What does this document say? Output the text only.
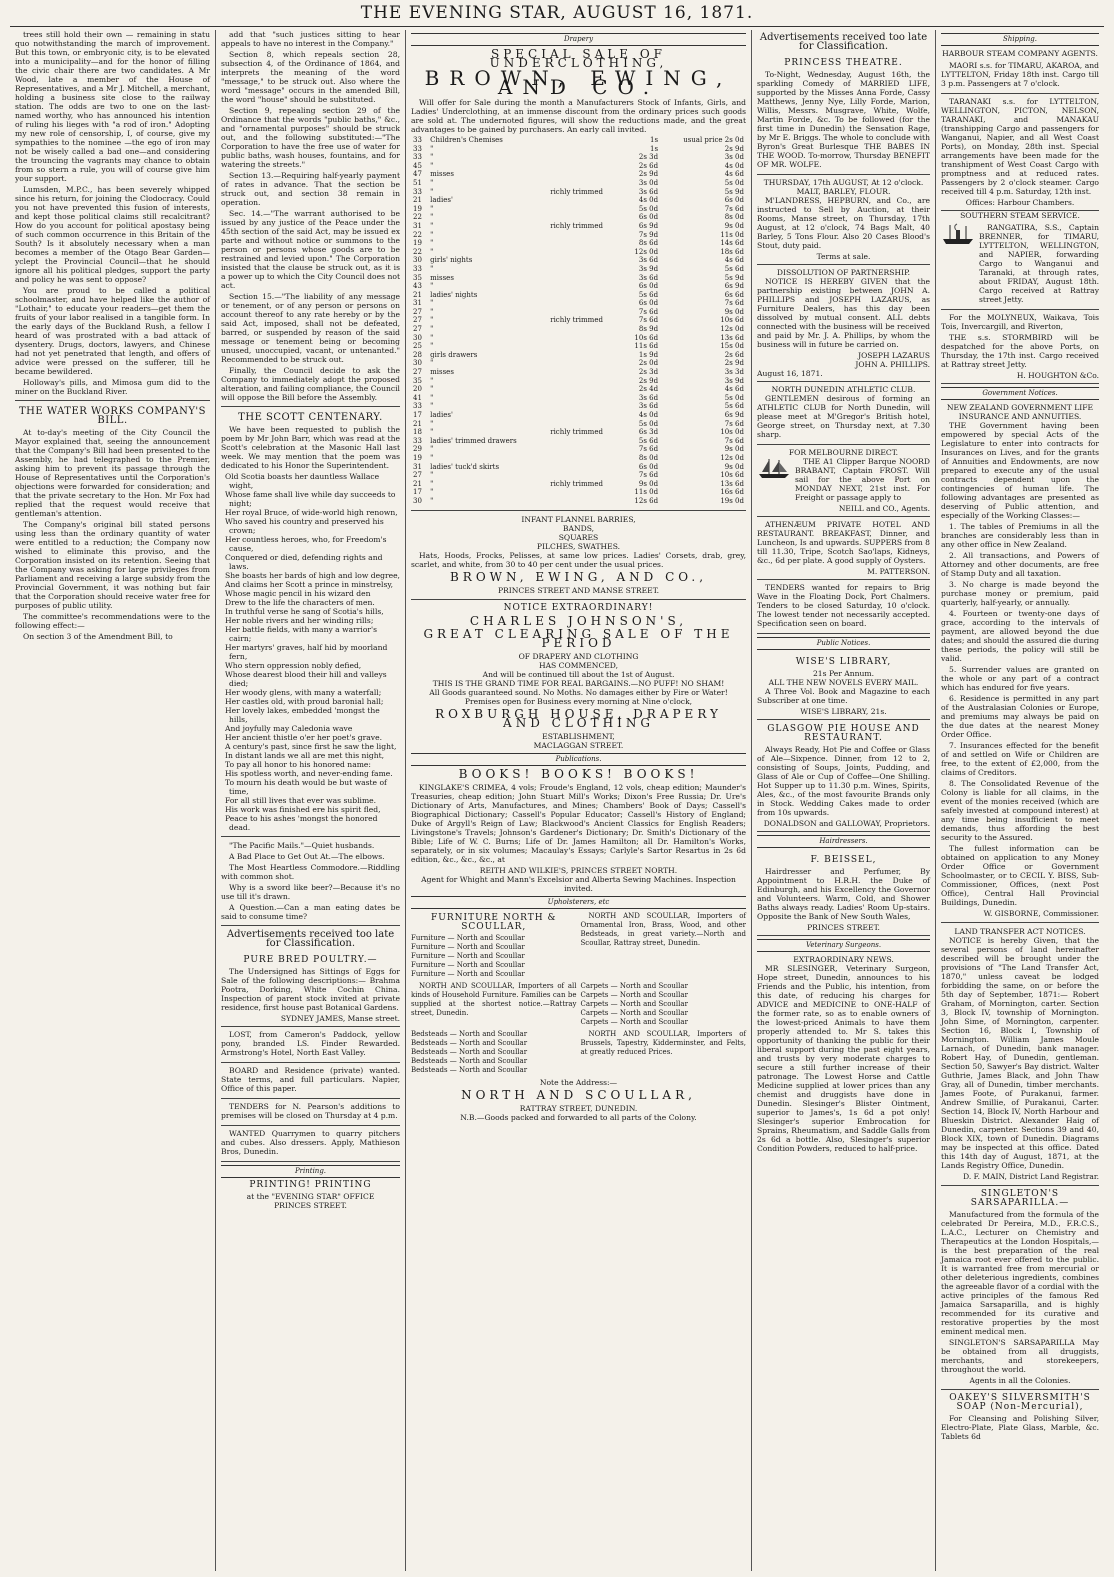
THE EVENING STAR, AUGUST 16, 1871.

trees still hold their own — remaining in statu quo notwithstanding the march of improvement. But this town, or embryonic city, is to be elevated into a municipality—and for the honor of filling the civic chair there are two candidates. A Mr Wood, late a member of the House of Representatives, and a Mr J. Mitchell, a merchant, holding a business site close to the railway station. The odds are two to one on the last-named worthy, who has announced his intention of ruling his lieges with "a rod of iron." Adopting my new role of censorship, I, of course, give my sympathies to the nominee —the ego of iron may not be wisely called a bad one—and considering the trouncing the vagrants may chance to obtain from so stern a rule, you will of course give him your support.

Lumsden, M.P.C., has been severely whipped since his return, for joining the Clodocracy. Could you not have prevented this fusion of interests, and kept those political claims still recalcitrant? How do you account for political apostasy being of such common occurrence in this Britain of the South? Is it absolutely necessary when a man becomes a member of the Otago Bear Garden—yclept the Provincial Council—that he should ignore all his political pledges, support the party and policy he was sent to oppose?

You are proud to be called a political schoolmaster, and have helped like the author of "Lothair," to educate your readers—get them the fruits of your labor realised in a tangible form. In the early days of the Buckland Rush, a fellow I heard of was prostrated with a bad attack of dysentery. Drugs, doctors, lawyers, and Chinese had not yet penetrated that length, and offers of advice were pressed on the sufferer, till he became bewildered.

Holloway's pills, and Mimosa gum did to the miner on the Buckland River.

THE WATER WORKS COMPANY'S BILL.

At to-day's meeting of the City Council the Mayor explained that, seeing the announcement that the Company's Bill had been presented to the Assembly, he had telegraphed to the Premier, asking him to prevent its passage through the House of Representatives until the Corporation's objections were forwarded for consideration; and that the private secretary to the Hon. Mr Fox had replied that the request would receive that gentleman's attention.

The Company's original bill stated persons using less than the ordinary quantity of water were entitled to a reduction; the Company now wished to eliminate this proviso, and the Corporation insisted on its retention. Seeing that the Company was asking for large privileges from Parliament and receiving a large subsidy from the Provincial Government, it was nothing but fair that the Corporation should receive water free for purposes of public utility.

The committee's recommendations were to the following effect:—

On section 3 of the Amendment Bill, to

add that "such justices sitting to hear appeals to have no interest in the Company."

Section 8, which repeals section 28, subsection 4, of the Ordinance of 1864, and interprets the meaning of the word "message," to be struck out. Also where the word "message" occurs in the amended Bill, the word "house" should be substituted.

Section 9, repealing section 29 of the Ordinance that the words "public baths," &c., and "ornamental purposes" should be struck out, and the following substituted:—"The Corporation to have the free use of water for public baths, wash houses, fountains, and for watering the streets."

Section 13.—Requiring half-yearly payment of rates in advance. That the section be struck out, and section 38 remain in operation.

Sec. 14.—"The warrant authorised to be issued by any justice of the Peace under the 45th section of the said Act, may be issued ex parte and without notice or summons to the person or persons whose goods are to be restrained and levied upon." The Corporation insisted that the clause be struck out, as it is a power up to which the City Council does not act.

Section 15.—"The liability of any message or tenement, or of any person or persons on account thereof to any rate hereby or by the said Act, imposed, shall not be defeated, barred, or suspended by reason of the said message or tenement being or becoming unused, unoccupied, vacant, or untenanted." Recommended to be struck out.

Finally, the Council decide to ask the Company to immediately adopt the proposed alteration, and failing compliance, the Council will oppose the Bill before the Assembly.

THE SCOTT CENTENARY.

We have been requested to publish the poem by Mr John Barr, which was read at the Scott's celebration at the Masonic Hall last week. We may mention that the poem was dedicated to his Honor the Superintendent.

Old Scotia boasts her dauntless Wallace wight,
Whose fame shall live while day succeeds to night;
Her royal Bruce, of wide-world high renown,
Who saved his country and preserved his crown;
Her countless heroes, who, for Freedom's cause,
Conquered or died, defending rights and laws.
She boasts her bards of high and low degree,
And claims her Scott a prince in minstrelsy,
Whose magic pencil in his wizard den
Drew to the life the characters of men.
In truthful verse he sang of Scotia's hills,
Her noble rivers and her winding rills;
Her battle fields, with many a warrior's cairn;
Her martyrs' graves, half hid by moorland fern,
Who stern oppression nobly defied,
Whose dearest blood their hill and valleys died;
Her woody glens, with many a waterfall;
Her castles old, with proud baronial hall;
Her lovely lakes, embedded 'mongst the hills,
And joyfully may Caledonia wave
Her ancient thistle o'er her poet's grave.
A century's past, since first he saw the light,
In distant lands we all are met this night,
To pay all honor to his honored name:
His spotless worth, and never-ending fame.
To mourn his death would be but waste of time,
For all still lives that ever was sublime.
His work was finished ere his spirit fled,
Peace to his ashes 'mongst the honored dead.

"The Pacific Mails."—Quiet husbands.

A Bad Place to Get Out At.—The elbows.

The Most Heartless Commodore.—Riddling with common shot.

Why is a sword like beer?—Because it's no use till it's drawn.

A Question.—Can a man eating dates be said to consume time?

Advertisements received too late for Classification.
PURE BRED POULTRY.—

The Undersigned has Sittings of Eggs for Sale of the following descriptions:— Brahma Pootra, Dorking, White Cochin China. Inspection of parent stock invited at private residence, first house past Botanical Gardens.

SYDNEY JAMES, Manse street.

LOST, from Cameron's Paddock, yellow pony, branded LS. Finder Rewarded. Armstrong's Hotel, North East Valley.

BOARD and Residence (private) wanted. State terms, and full particulars. Napier, Office of this paper.

TENDERS for N. Pearson's additions to premises will be closed on Thursday at 4 p.m.

WANTED Quarrymen to quarry pitchers and cubes. Also dressers. Apply, Mathieson Bros, Dunedin.

Printing.
PRINTING! PRINTING
at the "EVENING STAR" OFFICE
PRINCES STREET.
Drapery
SPECIAL SALE OF UNDERCLOTHING,
BROWN, EWING, AND CO.

Will offer for Sale during the month a Manufacturers Stock of Infants, Girls, and Ladies' Underclothing, at an immense discount from the ordinary prices such goods are sold at. The undernoted figures, will show the reductions made, and the great advantages to be gained by purchasers. An early call invited.

33	Children's Chemises		1s	usual price 2s 0d
33	"		1s	2s 9d
33	"		2s 3d	3s 0d
45	"		2s 6d	4s 0d
47	misses		2s 9d	4s 6d
51	"		3s 0d	5s 0d
33	"	richly trimmed	3s 6d	5s 9d
21	ladies'		4s 0d	6s 0d
19	"		5s 0d	7s 6d
22	"		6s 0d	8s 0d
31	"	richly trimmed	6s 9d	9s 0d
22	"		7s 9d	11s 0d
19	"		8s 6d	14s 6d
22	"		12s 0d	18s 6d
30	girls' nights		3s 6d	4s 6d
33	"		3s 9d	5s 6d
35	misses		3s 6d	5s 9d
43	"		6s 0d	6s 9d
21	ladies' nights		5s 6d	6s 6d
31	"		6s 0d	7s 6d
27	"		7s 6d	9s 0d
27	"	richly trimmed	7s 6d	10s 6d
27	"		8s 9d	12s 0d
30	"		10s 6d	13s 6d
25	"		11s 6d	15s 0d
28	girls drawers		1s 9d	2s 6d
30	"		2s 0d	2s 9d
27	misses		2s 3d	3s 3d
35	"		2s 9d	3s 9d
20	"		2s 4d	4s 6d
41	"		3s 6d	5s 0d
33	"		3s 6d	5s 6d
17	ladies'		4s 0d	6s 9d
21	"		5s 0d	7s 6d
18	"	richly trimmed	6s 3d	10s 0d
33	ladies' trimmed drawers		5s 6d	7s 6d
29	"		7s 6d	9s 0d
19	"		8s 0d	12s 0d
31	ladies' tuck'd skirts		6s 0d	9s 0d
27	"		7s 6d	10s 6d
21	"	richly trimmed	9s 0d	13s 6d
17	"		11s 0d	16s 6d
30	"		12s 6d	19s 0d
INFANT FLANNEL BARRIES,
BANDS,
SQUARES
PILCHES, SWATHES.

Hats, Hoods, Frocks, Pelisses, at same low prices. Ladies' Corsets, drab, grey, scarlet, and white, from 30 to 40 per cent under the usual prices.

BROWN, EWING, AND CO.,
PRINCES STREET AND MANSE STREET.
NOTICE EXTRAORDINARY!
CHARLES JOHNSON'S,
GREAT CLEARING SALE OF THE PERIOD
OF DRAPERY AND CLOTHING
HAS COMMENCED,
And will be continued till about the 1st of August.
THIS IS THE GRAND TIME FOR REAL BARGAINS.—NO PUFF! NO SHAM!
All Goods guaranteed sound. No Moths. No damages either by Fire or Water!
Premises open for Business every morning at Nine o'clock,
ROXBURGH HOUSE, DRAPERY AND CLOTHING
ESTABLISHMENT,
MACLAGGAN STREET.
Publications.
BOOKS! BOOKS! BOOKS!

KINGLAKE'S CRIMEA, 4 vols; Froude's England, 12 vols, cheap edition; Maunder's Treasuries, cheap edition; John Stuart Mill's Works; Dixon's Free Russia; Dr. Ure's Dictionary of Arts, Manufactures, and Mines; Chambers' Book of Days; Cassell's Biographical Dictionary; Cassell's Popular Educator; Cassell's History of England; Duke of Argyll's Reign of Law; Blackwood's Ancient Classics for English Readers; Livingstone's Travels; Johnson's Gardener's Dictionary; Dr. Smith's Dictionary of the Bible; Life of W. C. Burns; Life of Dr. James Hamilton; all Dr. Hamilton's Works, separately, or in six volumes; Macaulay's Essays; Carlyle's Sartor Resartus in 2s 6d edition, &c., &c., &c., at

REITH AND WILKIE'S, PRINCES STREET NORTH.
Agent for Whight and Mann's Excelsior and Alberta Sewing Machines. Inspection invited.
Upholsterers, etc
FURNITURE NORTH & SCOULLAR,
Furniture — North and Scoullar
Furniture — North and Scoullar
Furniture — North and Scoullar
Furniture — North and Scoullar
Furniture — North and Scoullar

NORTH AND SCOULLAR, Importers of Ornamental Iron, Brass, Wood, and other Bedsteads, in great variety.—North and Scoullar, Rattray street, Dunedin.

NORTH AND SCOULLAR, Importers of all kinds of Household Furniture. Families can be supplied at the shortest notice.—Rattray street, Dunedin.

Carpets — North and Scoullar
Carpets — North and Scoullar
Carpets — North and Scoullar
Carpets — North and Scoullar
Carpets — North and Scoullar
Bedsteads — North and Scoullar
Bedsteads — North and Scoullar
Bedsteads — North and Scoullar
Bedsteads — North and Scoullar
Bedsteads — North and Scoullar

NORTH AND SCOULLAR, Importers of Brussels, Tapestry, Kidderminster, and Felts, at greatly reduced Prices.

Note the Address:—
NORTH AND SCOULLAR,
RATTRAY STREET, DUNEDIN.
N.B.—Goods packed and forwarded to all parts of the Colony.
Advertisements received too late for Classification.
PRINCESS THEATRE.

To-Night, Wednesday, August 16th, the sparkling Comedy of MARRIED LIFE, supported by the Misses Anna Forde, Cassy Matthews, Jenny Nye, Lilly Forde, Marion, Willis, Messrs. Musgrave, White, Wolfe, Martin Forde, &c. To be followed (for the first time in Dunedin) the Sensation Rage, by Mr E. Briggs. The whole to conclude with Byron's Great Burlesque THE BABES IN THE WOOD. To-morrow, Thursday BENEFIT OF MR. WOLFE.

THURSDAY, 17th AUGUST, At 12 o'clock.
MALT, BARLEY, FLOUR.

M'LANDRESS, HEPBURN, and Co., are instructed to Sell by Auction, at their Rooms, Manse street, on Thursday, 17th August, at 12 o'clock, 74 Bags Malt, 40 Barley, 5 Tons Flour. Also 20 Cases Blood's Stout, duty paid.

Terms at sale.
DISSOLUTION OF PARTNERSHIP.

NOTICE IS HEREBY GIVEN that the partnership existing between JOHN A. PHILLIPS and JOSEPH LAZARUS, as Furniture Dealers, has this day been dissolved by mutual consent. ALL debts connected with the business will be received and paid by Mr. J. A. Phillips, by whom the business will in future be carried on.

JOSEPH LAZARUS
JOHN A. PHILLIPS.
August 16, 1871.
NORTH DUNEDIN ATHLETIC CLUB.

GENTLEMEN desirous of forming an ATHLETIC CLUB for North Dunedin, will please meet at M'Gregor's British hotel, George street, on Thursday next, at 7.30 sharp.

FOR MELBOURNE DIRECT.

THE A1 Clipper Barque NOORD BRABANT, Captain FROST. Will sail for the above Port on MONDAY NEXT, 21st inst. For Freight or passage apply to

NEILL and CO., Agents.

ATHENÆUM PRIVATE HOTEL AND RESTAURANT. BREAKFAST, Dinner, and Luncheon, Is and upwards. SUPPERS from 8 till 11.30, Tripe, Scotch Sao'laps, Kidneys, &c., 6d per plate. A good supply of Oysters.

M. PATTERSON.

TENDERS wanted for repairs to Brig Wave in the Floating Dock, Port Chalmers. Tenders to be closed Saturday, 10 o'clock. The lowest tender not necessarily accepted. Specification seen on board.

Public Notices.
WISE'S LIBRARY,
21s Per Annum.
ALL THE NEW NOVELS EVERY MAIL.

A Three Vol. Book and Magazine to each Subscriber at one time.

WISE'S LIBRARY, 21s.
GLASGOW PIE HOUSE AND RESTAURANT.

Always Ready, Hot Pie and Coffee or Glass of Ale—Sixpence. Dinner, from 12 to 2, consisting of Soups, Joints, Pudding, and Glass of Ale or Cup of Coffee—One Shilling. Hot Supper up to 11.30 p.m. Wines, Spirits, Ales, &c., of the most favourite Brands only in Stock. Wedding Cakes made to order from 10s upwards.

DONALDSON and GALLOWAY, Proprietors.
Hairdressers.
F. BEISSEL,

Hairdresser and Perfumer, By Appointment to H.R.H. the Duke of Edinburgh, and his Excellency the Governor and Volunteers. Warm, Cold, and Shower Baths always ready. Ladies' Room Up-stairs. Opposite the Bank of New South Wales,

PRINCES STREET.
Veterinary Surgeons.
EXTRAORDINARY NEWS.

MR SLESINGER, Veterinary Surgeon, Hope street, Dunedin, announces to his Friends and the Public, his intention, from this date, of reducing his charges for ADVICE and MEDICINE to ONE-HALF of the former rate, so as to enable owners of the lowest-priced Animals to have them properly attended to. Mr S. takes this opportunity of thanking the public for their liberal support during the past eight years, and trusts by very moderate charges to secure a still further increase of their patronage. The Lowest Horse and Cattle Medicine supplied at lower prices than any chemist and druggists have done in Dunedin. Slesinger's Blister Ointment, superior to James's, 1s 6d a pot only! Slesinger's superior Embrocation for Sprains, Rheumatism, and Saddle Galls from 2s 6d a bottle. Also, Slesinger's superior Condition Powders, reduced to half-price.

Shipping.
HARBOUR STEAM COMPANY AGENTS.

MAORI s.s. for TIMARU, AKAROA, and LYTTELTON, Friday 18th inst. Cargo till 3 p.m. Passengers at 7 o'clock.

TARANAKI s.s. for LYTTELTON, WELLINGTON, PICTON, NELSON, TARANAKI, and MANAKAU (transhipping Cargo and passengers for Wanganui, Napier, and all West Coast Ports), on Monday, 28th inst. Special arrangements have been made for the transhipment of West Coast Cargo with promptness and at reduced rates. Passengers by 2 o'clock steamer. Cargo received till 4 p.m. Saturday, 12th inst.

Offices: Harbour Chambers.
SOUTHERN STEAM SERVICE.

RANGATIRA, S.S., Captain BRENNER, for TIMARU, LYTTELTON, WELLINGTON, and NAPIER, forwarding Cargo to Wanganui and Taranaki, at through rates, about FRIDAY, August 18th. Cargo received at Rattray street Jetty.

For the MOLYNEUX, Waikava, Tois Tois, Invercargill, and Riverton,

THE s.s. STORMBIRD will be despatched for the above Ports, on Thursday, the 17th inst. Cargo received at Rattray street Jetty.

H. HOUGHTON &Co.
Government Notices.
NEW ZEALAND GOVERNMENT LIFE INSURANCE AND ANNUITIES.

THE Government having been empowered by special Acts of the Legislature to enter into contracts for Insurances on Lives, and for the grants of Annuities and Endowments, are now prepared to execute any of the usual contracts dependent upon the contingencies of human life. The following advantages are presented as deserving of Public attention, and especially of the Working Classes:—

1. The tables of Premiums in all the branches are considerably less than in any other office in New Zealand.

2. All transactions, and Powers of Attorney and other documents, are free of Stamp Duty and all taxation.

3. No charge is made beyond the purchase money or premium, paid quarterly, half-yearly, or annually.

4. Fourteen or twenty-one days of grace, according to the intervals of payment, are allowed beyond the due dates; and should the assured die during these periods, the policy will still be valid.

5. Surrender values are granted on the whole or any part of a contract which has endured for five years.

6. Residence is permitted in any part of the Australasian Colonies or Europe, and premiums may always be paid on the due dates at the nearest Money Order Office.

7. Insurances effected for the benefit of and settled on Wife or Children are free, to the extent of £2,000, from the claims of Creditors.

8. The Consolidated Revenue of the Colony is liable for all claims, in the event of the monies received (which are safely invested at compound interest) at any time being insufficient to meet demands, thus affording the best security to the Assured.

The fullest information can be obtained on application to any Money Order Office or Government Schoolmaster, or to CECIL Y. BISS, Sub-Commissioner, Offices, (next Post Office), Central Hall Provincial Buildings, Dunedin.

W. GISBORNE, Commissioner.
LAND TRANSFER ACT NOTICES.

NOTICE is hereby Given, that the several persons of land hereinafter described will be brought under the provisions of "The Land Transfer Act, 1870," unless caveat be lodged forbidding the same, on or before the 5th day of September, 1871:— Robert Graham, of Mornington, carter. Section 3, Block IV, township of Mornington. John Sime, of Mornington, carpenter. Section 16, Block I, Township of Mornington. William James Moule Larnach, of Dunedin, bank manager. Robert Hay, of Dunedin, gentleman. Section 50, Sawyer's Bay district. Walter Guthrie, James Black, and John Thaw Gray, all of Dunedin, timber merchants. James Foote, of Purakanui, farmer. Andrew Smillie, of Purakanui, Carter. Section 14, Block IV, North Harbour and Blueskin District. Alexander Haig of Dunedin, carpenter. Sections 39 and 40, Block XIX, town of Dunedin. Diagrams may be inspected at this office. Dated this 14th day of August, 1871, at the Lands Registry Office, Dunedin.

D. F. MAIN, District Land Registrar.
SINGLETON'S SARSAPARILLA.—

Manufactured from the formula of the celebrated Dr Pereira, M.D., F.R.C.S., L.A.C., Lecturer on Chemistry and Therapeutics at the London Hospitals,—is the best preparation of the real Jamaica root ever offered to the public. It is warranted free from mercurial or other deleterious ingredients, combines the agreeable flavor of a cordial with the active principles of the famous Red Jamaica Sarsaparilla, and is highly recommended for its curative and restorative properties by the most eminent medical men.

SINGLETON'S SARSAPARILLA May be obtained from all druggists, merchants, and storekeepers, throughout the world.

Agents in all the Colonies.
OAKEY'S SILVERSMITH'S SOAP (Non-Mercurial),

For Cleansing and Polishing Silver, Electro-Plate, Plate Glass, Marble, &c. Tablets 6d
